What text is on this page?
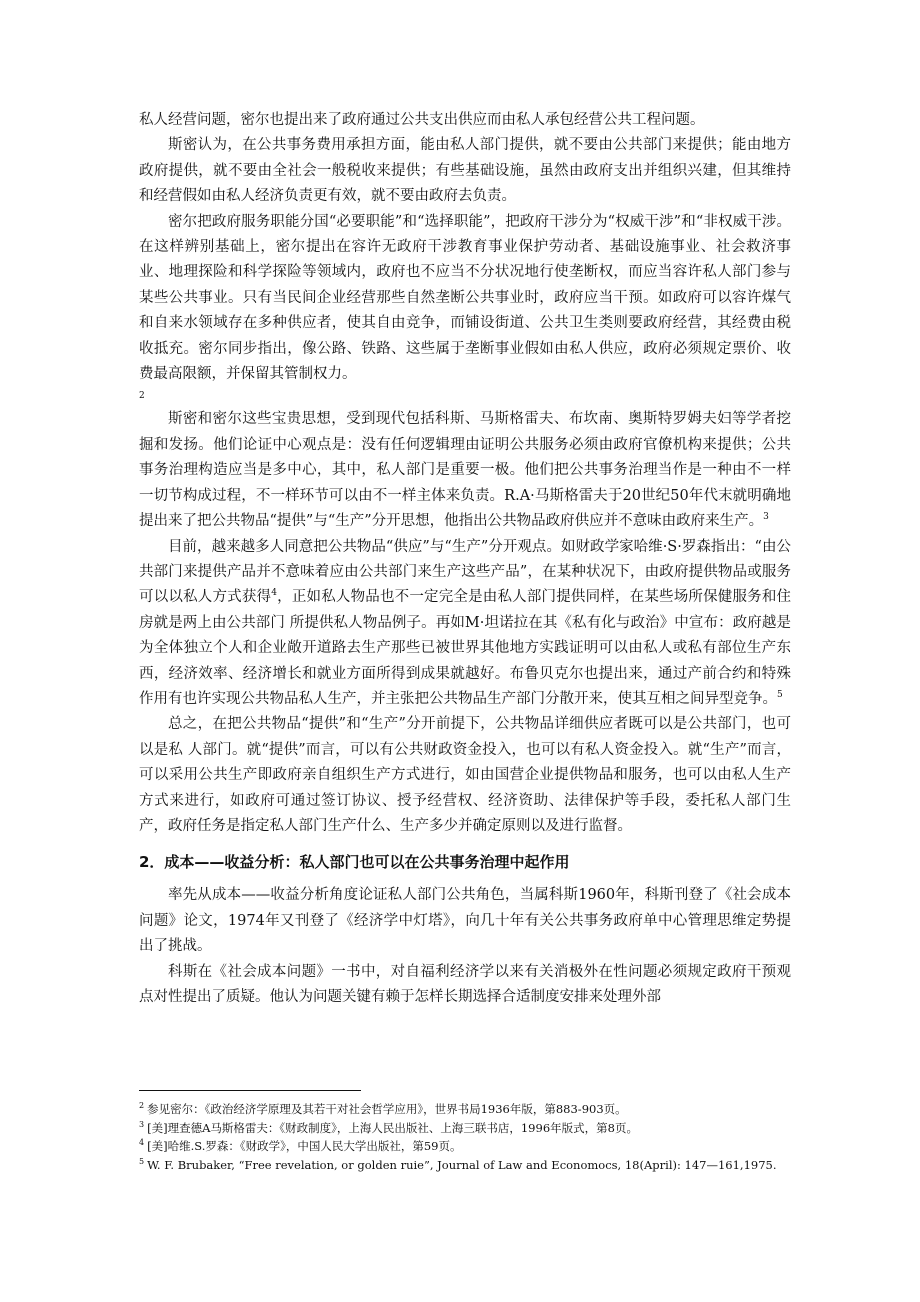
私人经营问题，密尔也提出来了政府通过公共支出供应而由私人承包经营公共工程问题。

斯密认为，在公共事务费用承担方面，能由私人部门提供，就不要由公共部门来提供；能由地方政府提供，就不要由全社会一般税收来提供；有些基础设施，虽然由政府支出并组织兴建，但其维持和经营假如由私人经济负责更有效，就不要由政府去负责。

密尔把政府服务职能分国“必要职能”和“选择职能”，把政府干涉分为“权威干涉”和“非权威干涉。在这样辨别基础上，密尔提出在容许无政府干涉教育事业保护劳动者、基础设施事业、社会救济事业、地理探险和科学探险等领域内，政府也不应当不分状况地行使垄断权，而应当容许私人部门参与某些公共事业。只有当民间企业经营那些自然垄断公共事业时，政府应当干预。如政府可以容许煤气和自来水领域存在多种供应者，使其自由竞争，而铺设街道、公共卫生类则要政府经营，其经费由税收抵充。密尔同步指出，像公路、铁路、这些属于垄断事业假如由私人供应，政府必须规定票价、收费最高限额，并保留其管制权力。

2

斯密和密尔这些宝贵思想，受到现代包括科斯、马斯格雷夫、布坎南、奥斯特罗姆夫妇等学者挖掘和发扬。他们论证中心观点是：没有任何逻辑理由证明公共服务必须由政府官僚机构来提供；公共事务治理构造应当是多中心，其中，私人部门是重要一极。他们把公共事务治理当作是一种由不一样一切节构成过程，不一样环节可以由不一样主体来负责。R.A·马斯格雷夫于20世纪50年代末就明确地提出来了把公共物品“提供”与“生产”分开思想，他指出公共物品政府供应并不意味由政府来生产。$^3$

目前，越来越多人同意把公共物品“供应”与“生产”分开观点。如财政学家哈维·S·罗森指出：“由公共部门来提供产品并不意味着应由公共部门来生产这些产品”，在某种状况下，由政府提供物品或服务可以以私人方式获得$^4$，正如私人物品也不一定完全是由私人部门提供同样，在某些场所保健服务和住房就是两上由公共部门 所提供私人物品例子。再如M·坦诺拉在其《私有化与政治》中宣布：政府越是为全体独立个人和企业敞开道路去生产那些已被世界其他地方实践证明可以由私人或私有部位生产东西，经济效率、经济增长和就业方面所得到成果就越好。布鲁贝克尔也提出来，通过产前合约和特殊作用有也许实现公共物品私人生产，并主张把公共物品生产部门分散开来，使其互相之间异型竞争。$^5$

总之，在把公共物品“提供”和“生产”分开前提下，公共物品详细供应者既可以是公共部门，也可以是私 人部门。就“提供”而言，可以有公共财政资金投入，也可以有私人资金投入。就“生产”而言，可以采用公共生产即政府亲自组织生产方式进行，如由国营企业提供物品和服务，也可以由私人生产方式来进行，如政府可通过签订协议、授予经营权、经济资助、法律保护等手段，委托私人部门生产，政府任务是指定私人部门生产什么、生产多少并确定原则以及进行监督。

2．成本——收益分析：私人部门也可以在公共事务治理中起作用

率先从成本——收益分析角度论证私人部门公共角色，当属科斯1960年，科斯刊登了《社会成本问题》论文，1974年又刊登了《经济学中灯塔》，向几十年有关公共事务政府单中心管理思维定势提出了挑战。

科斯在《社会成本问题》一书中，对自福利经济学以来有关消极外在性问题必须规定政府干预观点对性提出了质疑。他认为问题关键有赖于怎样长期选择合适制度安排来处理外部

$^2$ 参见密尔：《政治经济学原理及其若干对社会哲学应用》，世界书局1936年版，第883-903页。

$^3$ [美]理查德A马斯格雷夫：《财政制度》，上海人民出版社、上海三联书店，1996年版式，第8页。

$^4$ [美]哈维.S.罗森：《财政学》，中国人民大学出版社，第59页。

$^5$ W. F. Brubaker, “Free revelation, or golden ruie”, Journal of Law and Economocs, 18(April): 147—161,1975.
